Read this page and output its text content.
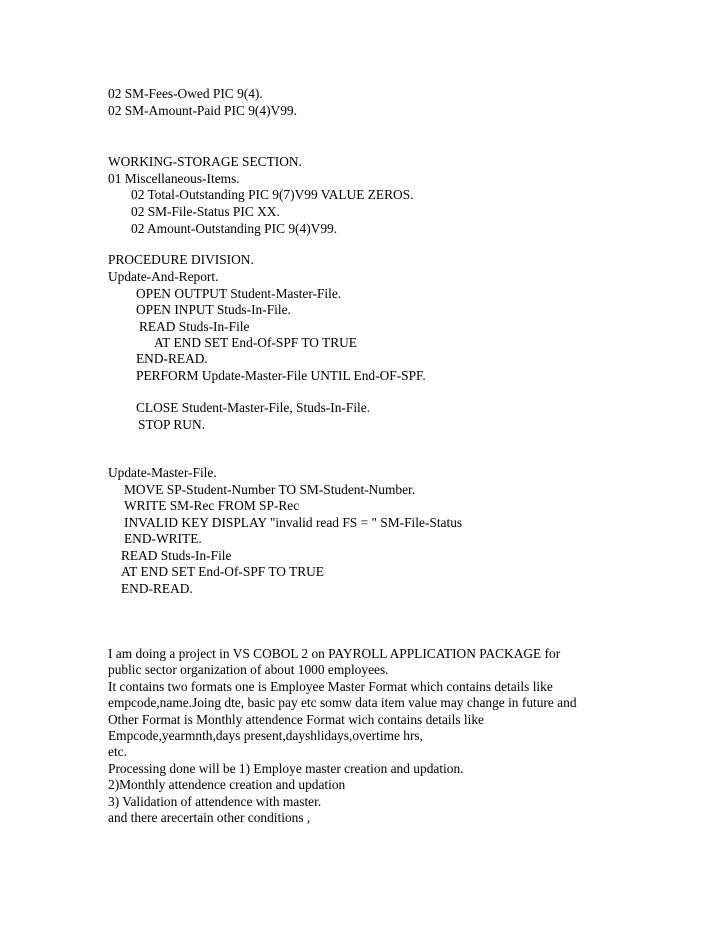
02 SM-Fees-Owed PIC 9(4).
02 SM-Amount-Paid PIC 9(4)V99.
WORKING-STORAGE SECTION.
01 Miscellaneous-Items.
02 Total-Outstanding PIC 9(7)V99 VALUE ZEROS.
02 SM-File-Status PIC XX.
02 Amount-Outstanding PIC 9(4)V99.
PROCEDURE DIVISION.
Update-And-Report.
OPEN OUTPUT Student-Master-File.
OPEN INPUT Studs-In-File.
READ Studs-In-File
AT END SET End-Of-SPF TO TRUE
END-READ.
PERFORM Update-Master-File UNTIL End-OF-SPF.
CLOSE Student-Master-File, Studs-In-File.
STOP RUN.
Update-Master-File.
MOVE SP-Student-Number TO SM-Student-Number.
WRITE SM-Rec FROM SP-Rec
INVALID KEY DISPLAY "invalid read FS = " SM-File-Status
END-WRITE.
READ Studs-In-File
AT END SET End-Of-SPF TO TRUE
END-READ.
I am doing a project in VS COBOL 2 on PAYROLL APPLICATION PACKAGE for
public sector organization of about 1000 employees.
It contains two formats one is Employee Master Format which contains details like
empcode,name.Joing dte, basic pay etc somw data item value may change in future and
Other Format is Monthly attendence Format wich contains details like
Empcode,yearmnth,days present,dayshlidays,overtime hrs,
etc.
Processing done will be 1) Employe master creation and updation.
2)Monthly attendence creation and updation
3) Validation of attendence with master.
and there arecertain other conditions ,
